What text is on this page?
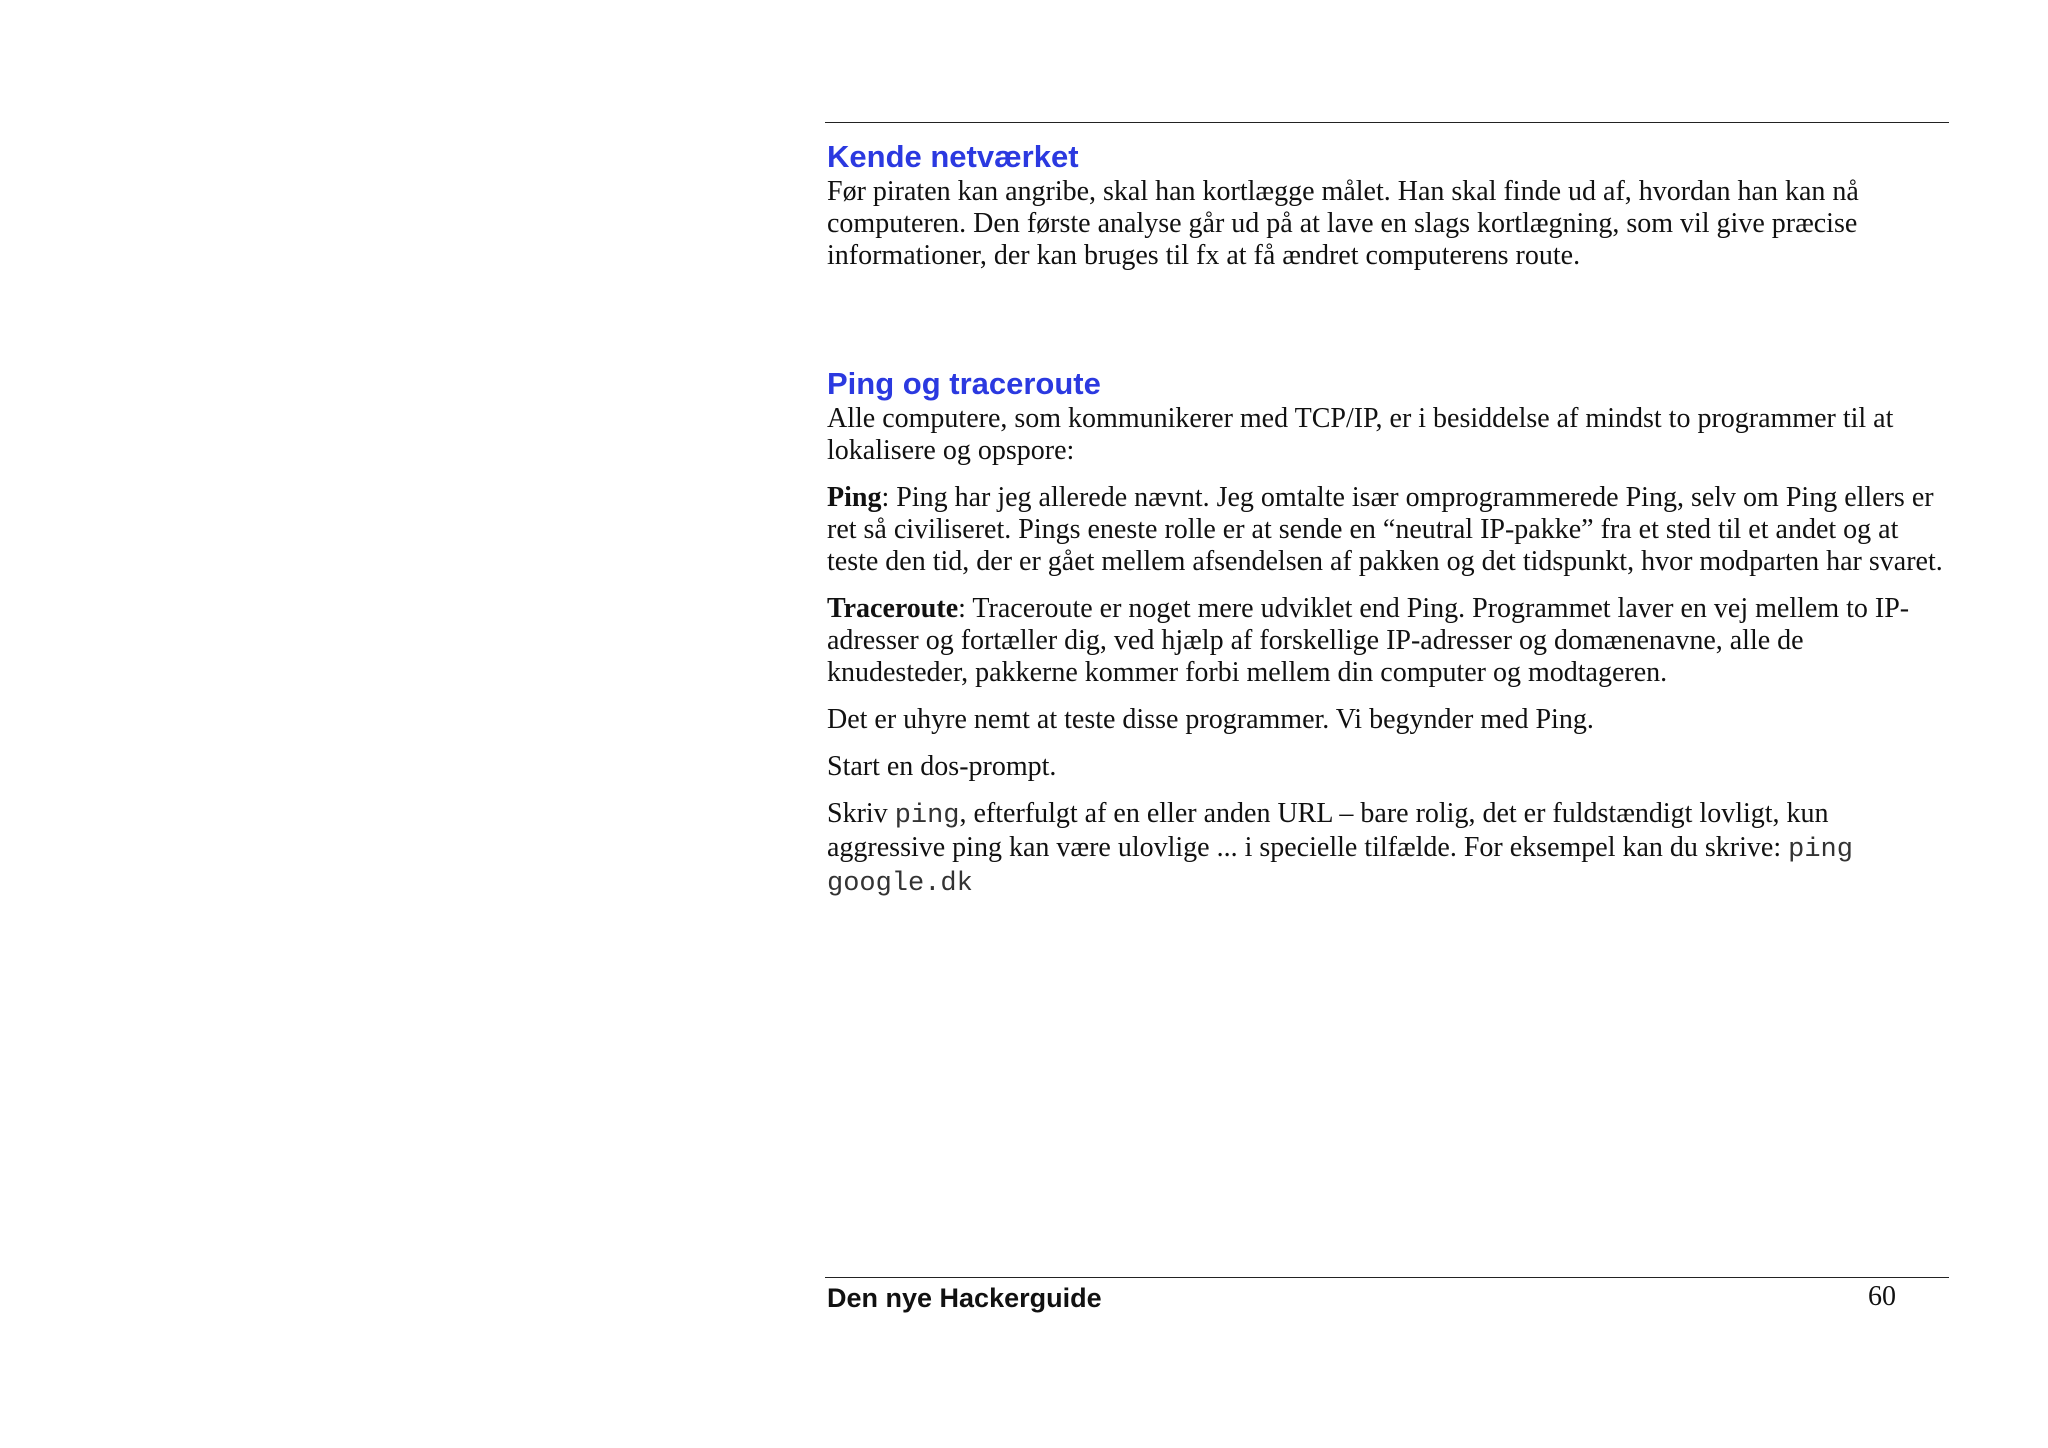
Kende netværket

Før piraten kan angribe, skal han kortlægge målet. Han skal finde ud af, hvordan han kan nå computeren. Den første analyse går ud på at lave en slags kortlægning, som vil give præcise informationer, der kan bruges til fx at få ændret computerens route.

Ping og traceroute

Alle computere, som kommunikerer med TCP/IP, er i besiddelse af mindst to programmer til at lokalisere og opspore:

Ping: Ping har jeg allerede nævnt. Jeg omtalte især omprogrammerede Ping, selv om Ping ellers er ret så civiliseret. Pings eneste rolle er at sende en “neutral IP-pakke” fra et sted til et andet og at teste den tid, der er gået mellem afsendelsen af pakken og det tidspunkt, hvor modparten har svaret.

Traceroute: Traceroute er noget mere udviklet end Ping. Programmet laver en vej mellem to IP-adresser og fortæller dig, ved hjælp af forskellige IP-adresser og domænenavne, alle de knudesteder, pakkerne kommer forbi mellem din computer og modtageren.

Det er uhyre nemt at teste disse programmer. Vi begynder med Ping.

Start en dos-prompt.

Skriv ping, efterfulgt af en eller anden URL – bare rolig, det er fuldstændigt lovligt, kun aggressive ping kan være ulovlige ... i specielle tilfælde. For eksempel kan du skrive: ping google.dk

Den nye Hackerguide	60
